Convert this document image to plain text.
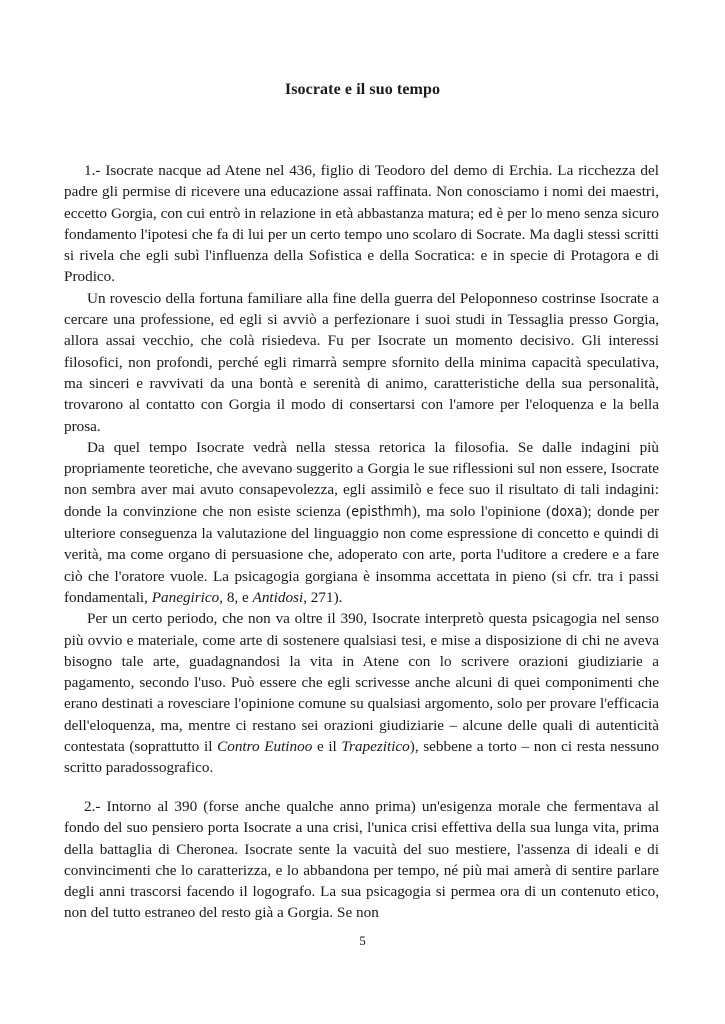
Isocrate e il suo tempo

1.- Isocrate nacque ad Atene nel 436, figlio di Teodoro del demo di Erchia. La ricchezza del padre gli permise di ricevere una educazione assai raffinata. Non conosciamo i nomi dei maestri, eccetto Gorgia, con cui entrò in relazione in età abbastanza matura; ed è per lo meno senza sicuro fondamento l'ipotesi che fa di lui per un certo tempo uno scolaro di Socrate. Ma dagli stessi scritti si rivela che egli subì l'influenza della Sofistica e della Socratica: e in specie di Protagora e di Prodico.

Un rovescio della fortuna familiare alla fine della guerra del Peloponneso costrinse Isocrate a cercare una professione, ed egli si avviò a perfezionare i suoi studi in Tessaglia presso Gorgia, allora assai vecchio, che colà risiedeva. Fu per Isocrate un momento decisivo. Gli interessi filosofici, non profondi, perché egli rimarrà sempre sfornito della minima capacità speculativa, ma sinceri e ravvivati da una bontà e serenità di animo, caratteristiche della sua personalità, trovarono al contatto con Gorgia il modo di consertarsi con l'amore per l'eloquenza e la bella prosa.

Da quel tempo Isocrate vedrà nella stessa retorica la filosofia. Se dalle indagini più propriamente teoretiche, che avevano suggerito a Gorgia le sue riflessioni sul non essere, Isocrate non sembra aver mai avuto consapevolezza, egli assimilò e fece suo il risultato di tali indagini: donde la convinzione che non esiste scienza (episthmh), ma solo l'opinione (doxa); donde per ulteriore conseguenza la valutazione del linguaggio non come espressione di concetto e quindi di verità, ma come organo di persuasione che, adoperato con arte, porta l'uditore a credere e a fare ciò che l'oratore vuole. La psicagogia gorgiana è insomma accettata in pieno (si cfr. tra i passi fondamentali, Panegirico, 8, e Antidosi, 271).

Per un certo periodo, che non va oltre il 390, Isocrate interpretò questa psicagogia nel senso più ovvio e materiale, come arte di sostenere qualsiasi tesi, e mise a disposizione di chi ne aveva bisogno tale arte, guadagnandosi la vita in Atene con lo scrivere orazioni giudiziarie a pagamento, secondo l'uso. Può essere che egli scrivesse anche alcuni di quei componimenti che erano destinati a rovesciare l'opinione comune su qualsiasi argomento, solo per provare l'efficacia dell'eloquenza, ma, mentre ci restano sei orazioni giudiziarie – alcune delle quali di autenticità contestata (soprattutto il Contro Eutinoo e il Trapezitico), sebbene a torto – non ci resta nessuno scritto paradossografico.

2.- Intorno al 390 (forse anche qualche anno prima) un'esigenza morale che fermentava al fondo del suo pensiero porta Isocrate a una crisi, l'unica crisi effettiva della sua lunga vita, prima della battaglia di Cheronea. Isocrate sente la vacuità del suo mestiere, l'assenza di ideali e di convincimenti che lo caratterizza, e lo abbandona per tempo, né più mai amerà di sentire parlare degli anni trascorsi facendo il logografo. La sua psicagogia si permea ora di un contenuto etico, non del tutto estraneo del resto già a Gorgia. Se non

5
